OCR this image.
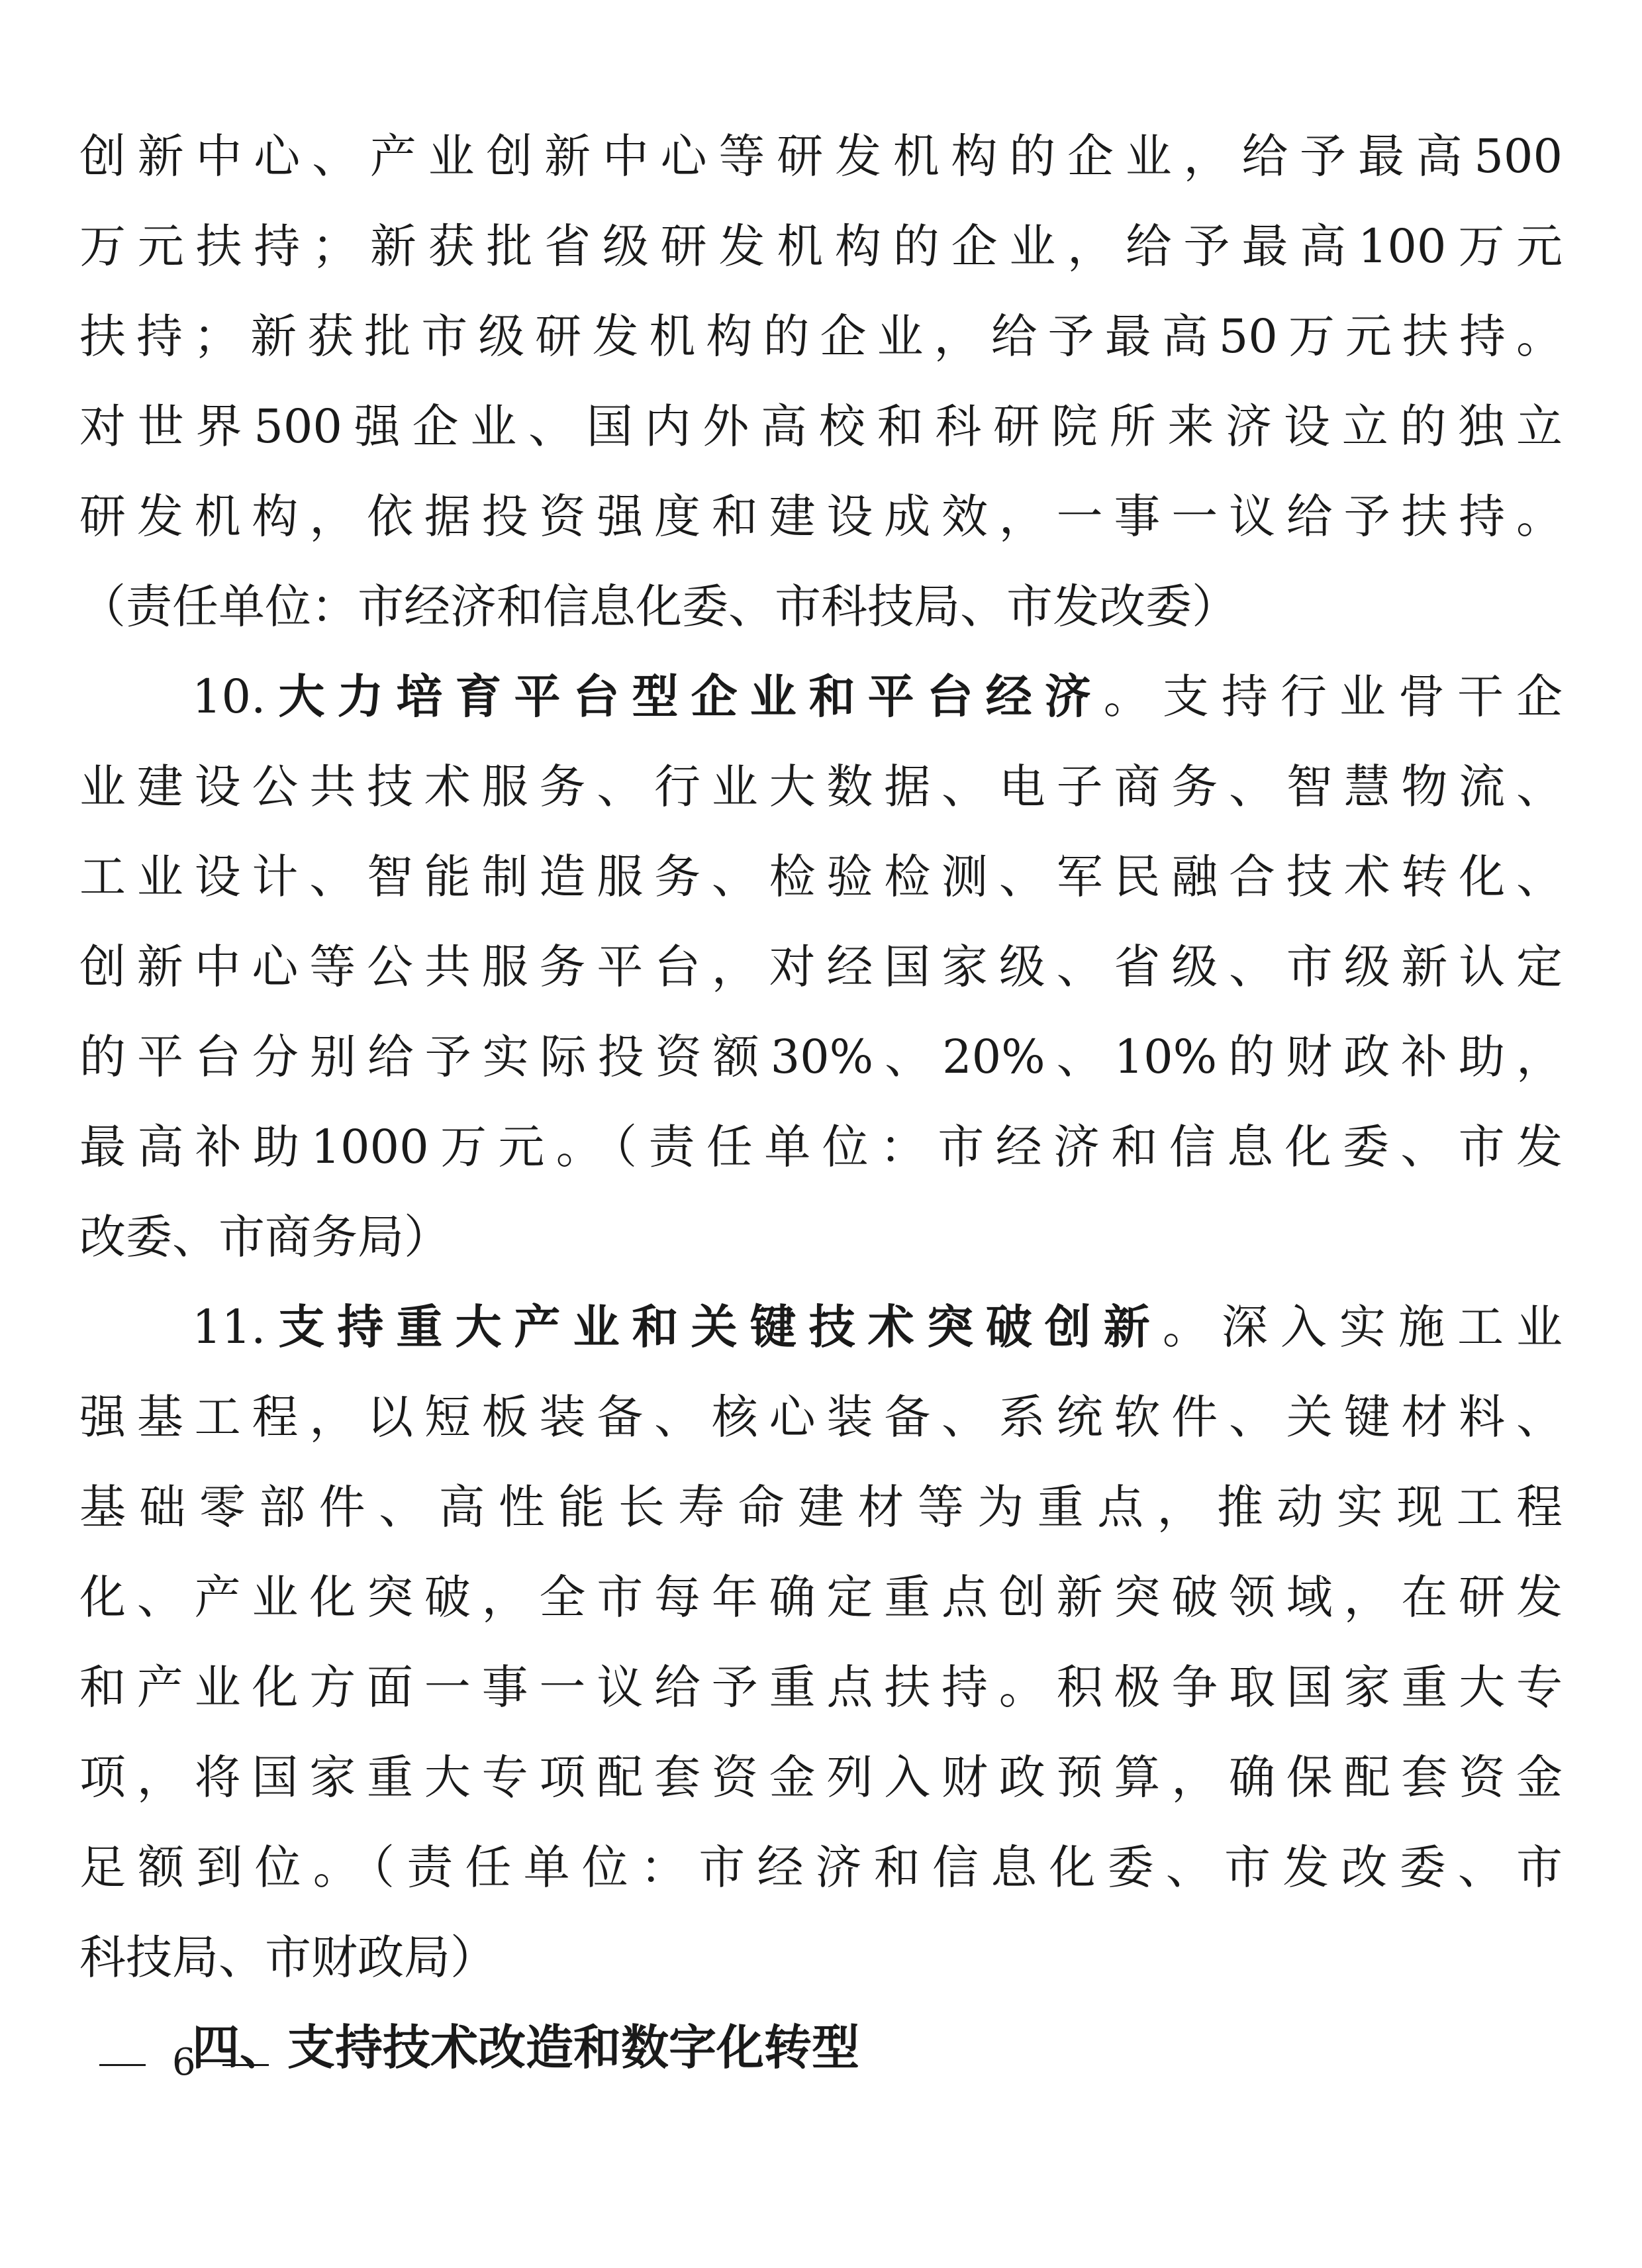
创新中心、产业创新中心等研发机构的企业，给予最高500
万元扶持；新获批省级研发机构的企业，给予最高100万元
扶持；新获批市级研发机构的企业，给予最高50万元扶持。
对世界500强企业、国内外高校和科研院所来济设立的独立
研发机构，依据投资强度和建设成效，一事一议给予扶持。
（责任单位：市经济和信息化委、市科技局、市发改委）
10.大力培育平台型企业和平台经济。支持行业骨干企
业建设公共技术服务、行业大数据、电子商务、智慧物流、
工业设计、智能制造服务、检验检测、军民融合技术转化、
创新中心等公共服务平台，对经国家级、省级、市级新认定
的平台分别给予实际投资额30%、20%、10%的财政补助，
最高补助1000万元。（责任单位：市经济和信息化委、市发
改委、市商务局）
11.支持重大产业和关键技术突破创新。深入实施工业
强基工程，以短板装备、核心装备、系统软件、关键材料、
基础零部件、高性能长寿命建材等为重点，推动实现工程
化、产业化突破，全市每年确定重点创新突破领域，在研发
和产业化方面一事一议给予重点扶持。积极争取国家重大专
项，将国家重大专项配套资金列入财政预算，确保配套资金
足额到位。（责任单位：市经济和信息化委、市发改委、市
科技局、市财政局）
四、支持技术改造和数字化转型
6
